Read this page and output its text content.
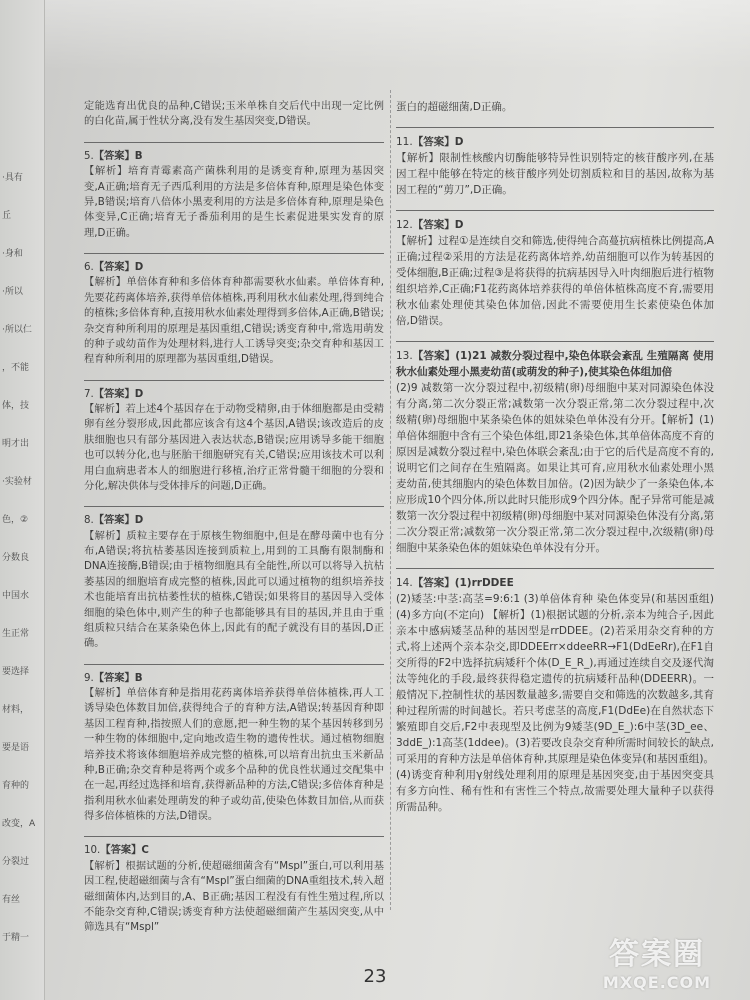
·具有
丘
·身和
·所以
·所以仁
，不能
体，技
明才出
·实验材
色，②
分数良
中国水
生正常
要选择
材料，
要是语
育种的
改变，A
分裂过
有丝
于精一

定能选育出优良的品种,C错误;玉米单株自交后代中出现一定比例的白化苗,属于性状分离,没有发生基因突变,D错误。

5.【答案】B

【解析】培育青霉素高产菌株利用的是诱变育种,原理为基因突变,A正确;培育无子西瓜利用的方法是多倍体育种,原理是染色体变异,B错误;培育八倍体小黑麦利用的方法是多倍体育种,原理是染色体变异,C正确;培育无子番茄利用的是生长素促进果实发育的原理,D正确。

6.【答案】D

【解析】单倍体育种和多倍体育种都需要秋水仙素。单倍体育种,先要花药离体培养,获得单倍体植株,再利用秋水仙素处理,得到纯合的植株;多倍体育种,直接用秋水仙素处理得到多倍体,A正确,B错误;杂交育种所利用的原理是基因重组,C错误;诱变育种中,常选用萌发的种子或幼苗作为处理材料,进行人工诱导突变;杂交育种和基因工程育种所利用的原理都为基因重组,D错误。

7.【答案】D

【解析】若上述4个基因存在于动物受精卵,由于体细胞都是由受精卵有丝分裂形成,因此都应该含有这4个基因,A错误;该改造后的皮肤细胞也只有部分基因进入表达状态,B错误;应用诱导多能干细胞也可以转分化,也与胚胎干细胞研究有关,C错误;应用该技术可以利用白血病患者本人的细胞进行移植,治疗正常骨髓干细胞的分裂和分化,解决供体与受体排斥的问题,D正确。

8.【答案】D

【解析】质粒主要存在于原核生物细胞中,但是在酵母菌中也有分布,A错误;将抗枯萎基因连接到质粒上,用到的工具酶有限制酶和DNA连接酶,B错误;由于植物细胞具有全能性,所以可以将导入抗枯萎基因的细胞培育成完整的植株,因此可以通过植物的组织培养技术也能培育出抗枯萎性状的植株,C错误;如果将目的基因导入受体细胞的染色体中,则产生的种子也都能够具有目的基因,并且由于重组质粒只结合在某条染色体上,因此有的配子就没有目的基因,D正确。

9.【答案】B

【解析】单倍体育种是指用花药离体培养获得单倍体植株,再人工诱导染色体数目加倍,获得纯合子的育种方法,A错误;转基因育种即基因工程育种,指按照人们的意愿,把一种生物的某个基因转移到另一种生物的体细胞中,定向地改造生物的遗传性状。通过植物细胞培养技术将该体细胞培养成完整的植株,可以培育出抗虫玉米新品种,B正确;杂交育种是将两个或多个品种的优良性状通过交配集中在一起,再经过选择和培育,获得新品种的方法,C错误;多倍体育种是指利用秋水仙素处理萌发的种子或幼苗,使染色体数目加倍,从而获得多倍体植株的方法,D错误。

10.【答案】C

【解析】根据试题的分析,使超磁细菌含有“Mspl”蛋白,可以利用基因工程,使超磁细菌与含有“Mspl”蛋白细菌的DNA重组技术,转入超磁细菌体内,达到目的,A、B正确;基因工程没有有性生殖过程,所以不能杂交育种,C错误;诱变育种方法使超磁细菌产生基因突变,从中筛选具有“Mspl”

蛋白的超磁细菌,D正确。

11.【答案】D

【解析】限制性核酸内切酶能够特异性识别特定的核苷酸序列,在基因工程中能够在特定的核苷酸序列处切割质粒和目的基因,故称为基因工程的“剪刀”,D正确。

12.【答案】D

【解析】过程①是连续自交和筛选,使得纯合高蔓抗病植株比例提高,A正确;过程②采用的方法是花药离体培养,幼苗细胞可以作为转基因的受体细胞,B正确;过程③是将获得的抗病基因导入叶肉细胞后进行植物组织培养,C正确;F1花药离体培养获得的单倍体植株高度不育,需要用秋水仙素处理使其染色体加倍,因此不需要使用生长素使染色体加倍,D错误。

13.【答案】(1)21 减数分裂过程中,染色体联会紊乱 生殖隔离 使用秋水仙素处理小黑麦幼苗(或萌发的种子),使其染色体组加倍

(2)9 减数第一次分裂过程中,初级精(卵)母细胞中某对同源染色体没有分离,第二次分裂正常;减数第一次分裂正常,第二次分裂过程中,次级精(卵)母细胞中某条染色体的姐妹染色单体没有分开。【解析】(1)单倍体细胞中含有三个染色体组,即21条染色体,其单倍体高度不育的原因是减数分裂过程中,染色体联会紊乱;由于它的后代是高度不育的,说明它们之间存在生殖隔离。如果让其可育,应用秋水仙素处理小黑麦幼苗,使其细胞内的染色体数目加倍。(2)因为缺少了一条染色体,本应形成10个四分体,所以此时只能形成9个四分体。配子异常可能是减数第一次分裂过程中初级精(卵)母细胞中某对同源染色体没有分离,第二次分裂正常;减数第一次分裂正常,第二次分裂过程中,次级精(卵)母细胞中某条染色体的姐妹染色单体没有分开。

14.【答案】(1)rrDDEE

(2)矮茎:中茎:高茎=9:6:1 (3)单倍体育种 染色体变异(和基因重组) (4)多方向(不定向) 【解析】(1)根据试题的分析,亲本为纯合子,因此亲本中感病矮茎品种的基因型是rrDDEE。(2)若采用杂交育种的方式,将上述两个亲本杂交,即DDEErr×ddeeRR→F1(DdEeRr),在F1自交所得的F2中选择抗病矮秆个体(D_E_R_),再通过连续自交及逐代淘汰等纯化的手段,最终获得稳定遗传的抗病矮秆品种(DDEERR)。一般情况下,控制性状的基因数量越多,需要自交和筛选的次数越多,其育种过程所需的时间越长。若只考虑茎的高度,F1(DdEe)在自然状态下繁殖即自交后,F2中表现型及比例为9矮茎(9D_E_):6中茎(3D_ee、3ddE_):1高茎(1ddee)。(3)若要改良杂交育种所需时间较长的缺点,可采用的育种方法是单倍体育种,其原理是染色体变异(和基因重组)。(4)诱变育种利用γ射线处理利用的原理是基因突变,由于基因突变具有多方向性、稀有性和有害性三个特点,故需要处理大量种子以获得所需品种。

23
答案圈
MXQE.COM
